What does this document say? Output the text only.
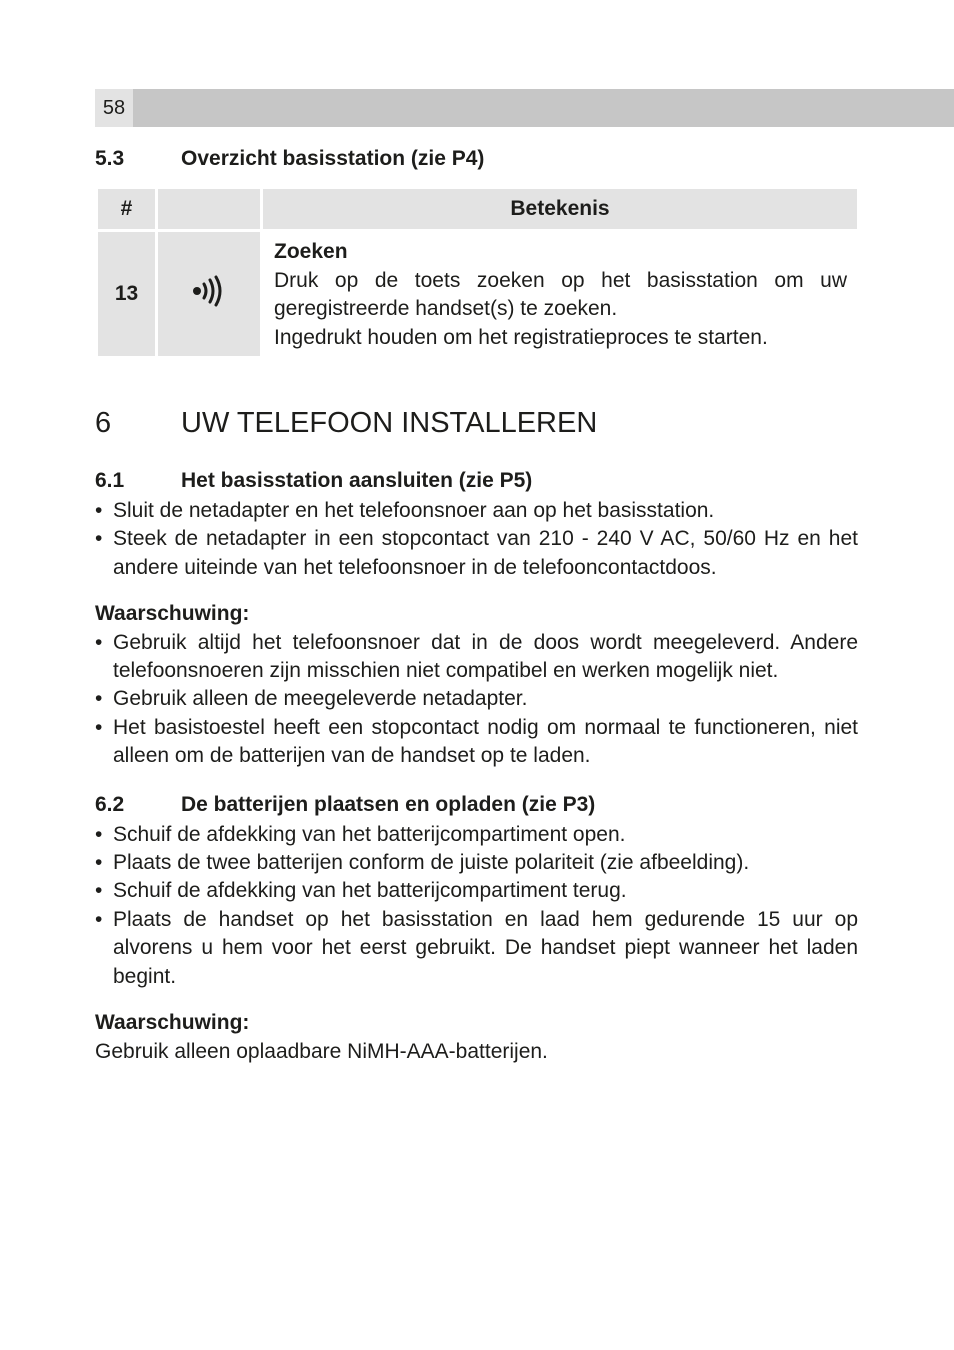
58
5.3	Overzicht basisstation (zie P4)
#		Betekenis
13		Zoeken
Druk op de toets zoeken op het basisstation om uw geregistreerde handset(s) te zoeken.
Ingedrukt houden om het registratieproces te starten.
6	UW TELEFOON INSTALLEREN
6.1	Het basisstation aansluiten (zie P5)
• Sluit de netadapter en het telefoonsnoer aan op het basisstation.
• Steek de netadapter in een stopcontact van 210 - 240 V AC, 50/60 Hz en het andere uiteinde van het telefoonsnoer in de telefooncontactdoos.
Waarschuwing:
• Gebruik altijd het telefoonsnoer dat in de doos wordt meegeleverd. Andere telefoonsnoeren zijn misschien niet compatibel en werken mogelijk niet.
• Gebruik alleen de meegeleverde netadapter.
• Het basistoestel heeft een stopcontact nodig om normaal te functioneren, niet alleen om de batterijen van de handset op te laden.
6.2	De batterijen plaatsen en opladen (zie P3)
• Schuif de afdekking van het batterijcompartiment open.
• Plaats de twee batterijen conform de juiste polariteit (zie afbeelding).
• Schuif de afdekking van het batterijcompartiment terug.
• Plaats de handset op het basisstation en laad hem gedurende 15 uur op alvorens u hem voor het eerst gebruikt. De handset piept wanneer het laden begint.
Waarschuwing:
Gebruik alleen oplaadbare NiMH-AAA-batterijen.
